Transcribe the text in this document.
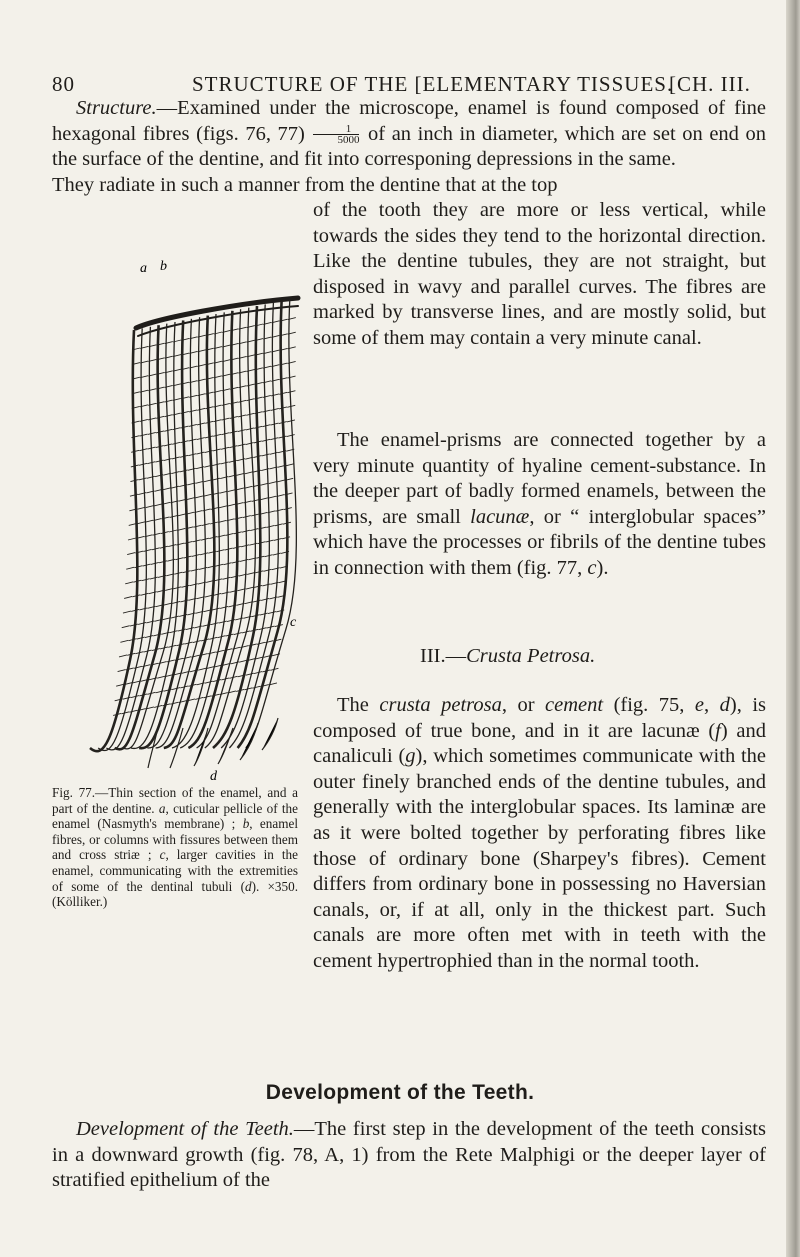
80	STRUCTURE OF THE [ELEMENTARY TISSUES.
[CH. III.

Structure.—Examined under the microscope, enamel is found composed of fine hexagonal fibres (figs. 76, $77) \frac{1}{5000}$ of an inch in diameter, which are set on end on the surface of the dentine, and fit into corresponing depressions in the same.

They radiate in such a manner from the dentine that at the top

of the tooth they are more or less vertical, while towards the sides they tend to the horizontal direction. Like the dentine tubules, they are not straight, but disposed in wavy and parallel curves. The fibres are marked by transverse lines, and are mostly solid, but some of them may contain a very minute canal.

The enamel-prisms are connected together by a very minute quantity of hyaline cement-substance. In the deeper part of badly formed enamels, between the prisms, are small lacunæ, or “ interglobular spaces” which have the processes or fibrils of the dentine tubes in connection with them (fig. 77, c).

III.—Crusta Petrosa.

The crusta petrosa, or cement (fig. 75, e, d), is composed of true bone, and in it are lacunæ (f) and canaliculi (g), which sometimes communicate with the outer finely branched ends of the dentine tubules, and generally with the interglobular spaces. Its laminæ are as it were bolted together by perforating fibres like those of ordinary bone (Sharpey's fibres). Cement differs from ordinary bone in possessing no Haversian canals, or, if at all, only in the thickest part. Such canals are more often met with in teeth with the cement hypertrophied than in the normal tooth.

a b
c
d

Fig. 77.—Thin section of the enamel, and a part of the dentine. a, cuticular pellicle of the enamel (Nasmyth's membrane) ; b, enamel fibres, or columns with fissures between them and cross striæ ; c, larger cavities in the enamel, communicating with the extremities of some of the dentinal tubuli (d). ×350. (Kölliker.)

Development of the Teeth.

Development of the Teeth.—The first step in the development of the teeth consists in a downward growth (fig. 78, A, 1) from the Rete Malphigi or the deeper layer of stratified epithelium of the
